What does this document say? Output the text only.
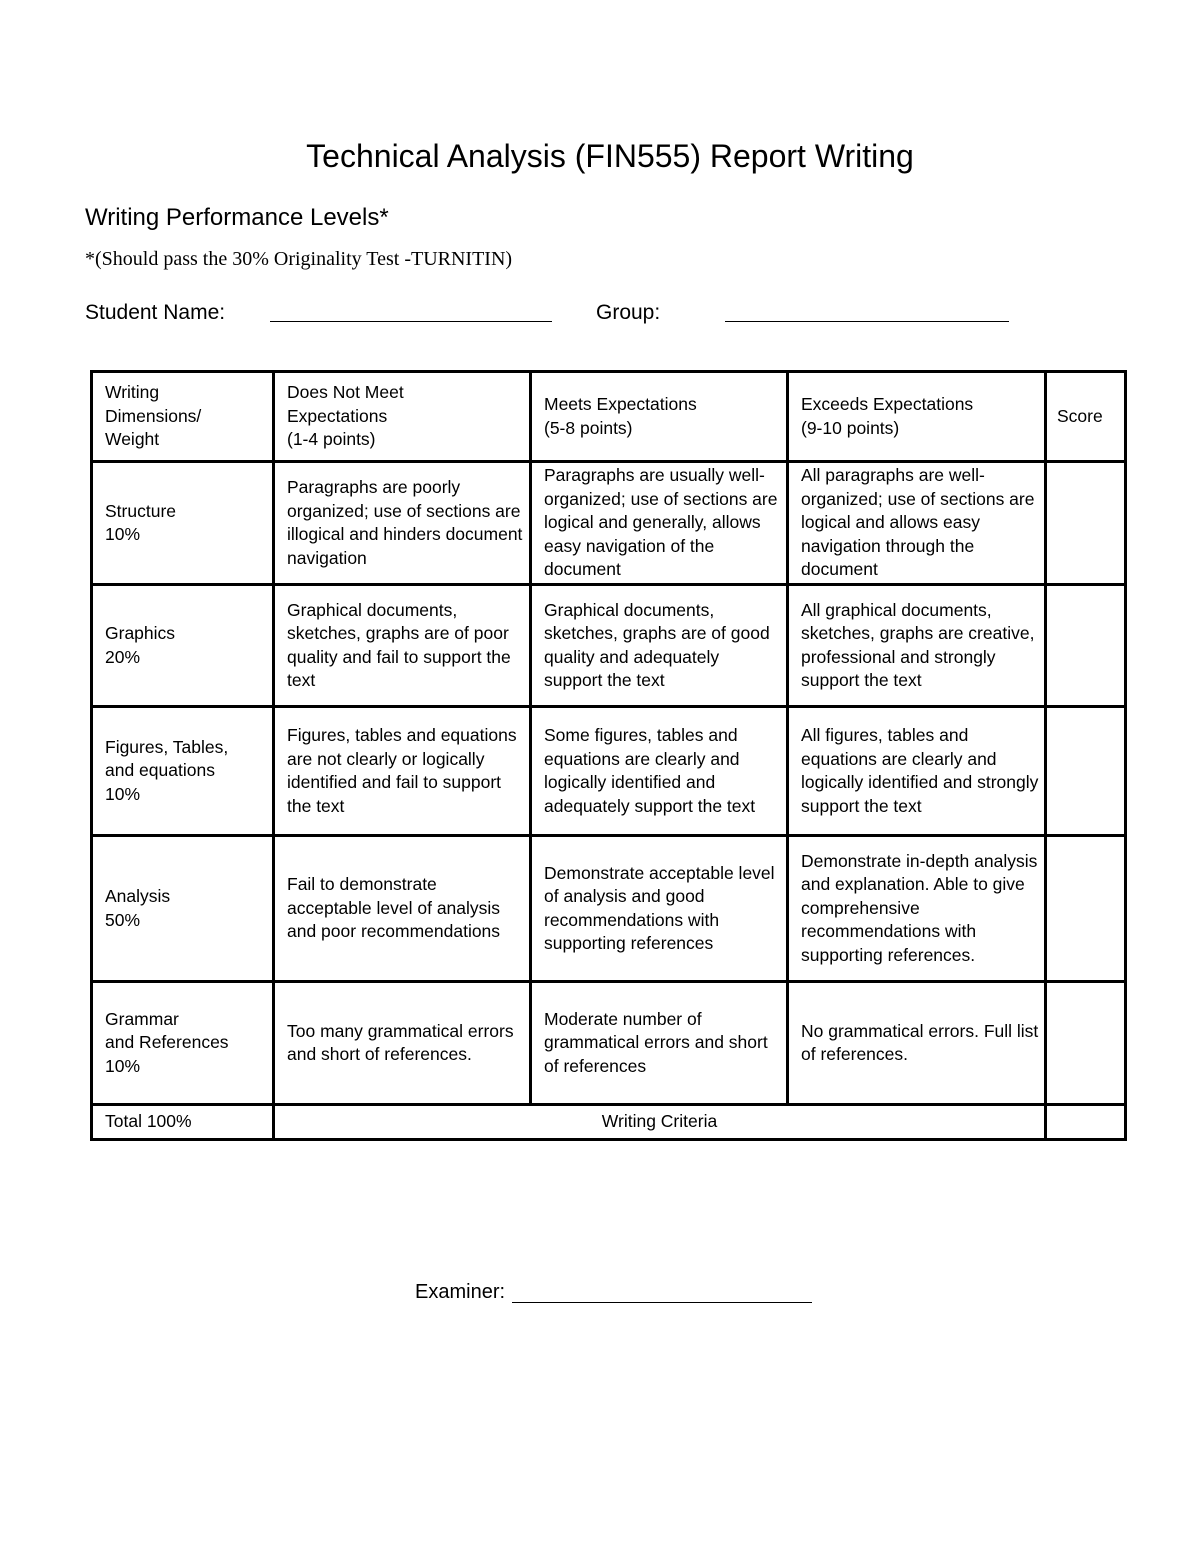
Technical Analysis (FIN555) Report Writing
Writing Performance Levels*
*(Should pass the 30% Originality Test -TURNITIN)
Student Name:	Group:
Writing
Dimensions/
Weight	Does Not Meet
Expectations
(1-4 points)	Meets Expectations
(5-8 points)	Exceeds Expectations
(9-10 points)	Score

Structure
10%	Paragraphs are poorly organized; use of sections are illogical and hinders document navigation	Paragraphs are usually well-organized; use of sections are logical and generally, allows easy navigation of the document	All paragraphs are well-organized; use of sections are logical and allows easy navigation through the document	

Graphics
20%	Graphical documents, sketches, graphs are of poor quality and fail to support the text	Graphical documents, sketches, graphs are of good quality and adequately support the text	All graphical documents, sketches, graphs are creative, professional and strongly support the text	

Figures, Tables,
and equations
10%	Figures, tables and equations are not clearly or logically identified and fail to support the text	Some figures, tables and equations are clearly and logically identified and adequately support the text	All figures, tables and equations are clearly and logically identified and strongly support the text	

Analysis
50%	Fail to demonstrate acceptable level of analysis and poor recommendations	Demonstrate acceptable level of analysis and good recommendations with supporting references	Demonstrate in-depth analysis and explanation. Able to give comprehensive recommendations with supporting references.	

Grammar
and References
10%	Too many grammatical errors and short of references.	Moderate number of grammatical errors and short of references	No grammatical errors. Full list of references.	

Total 100%	Writing Criteria			

Examiner:
